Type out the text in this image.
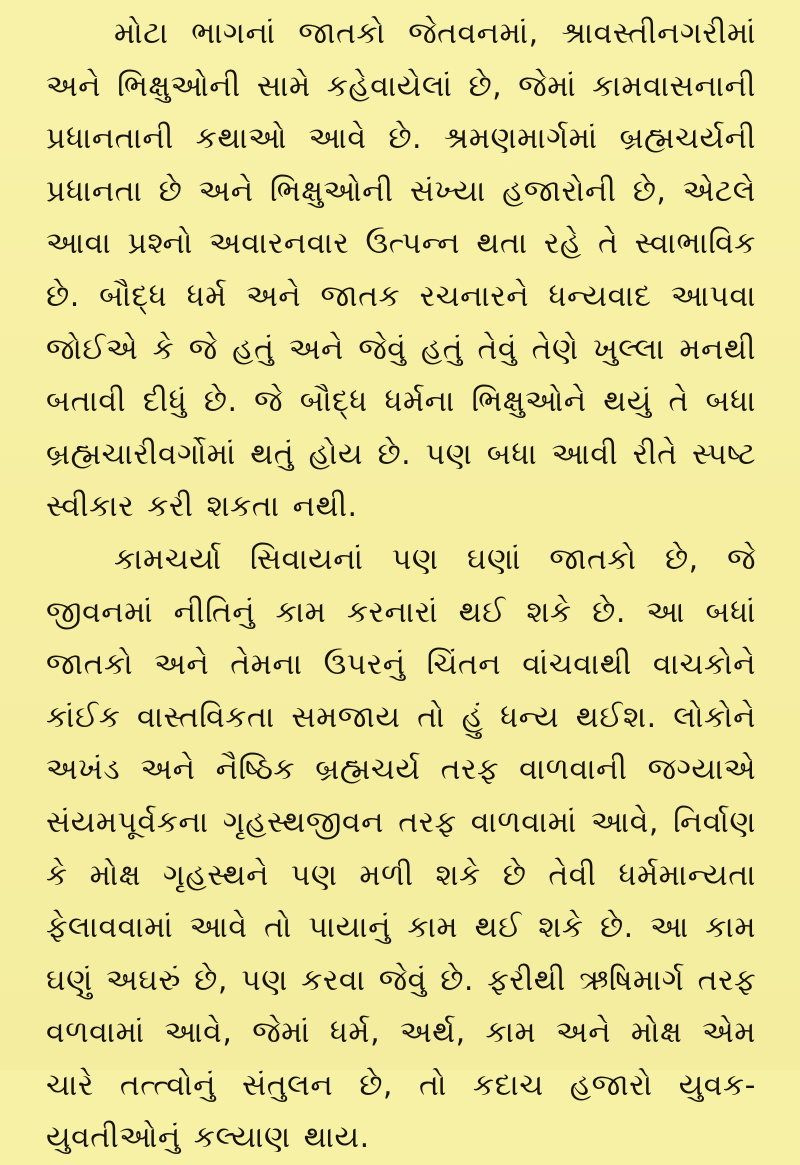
મોટા ભાગનાં જાતકો જેતવનમાં, શ્રાવસ્તીનગરીમાં અને ભિક્ષુઓની સામે કહેવાયેલાં છે, જેમાં કામવાસનાની પ્રધાનતાની કથાઓ આવે છે. શ્રમણમાર્ગમાં બ્રહ્મચર્યની પ્રધાનતા છે અને ભિક્ષુઓની સંખ્યા હજારોની છે, એટલે આવા પ્રશ્નો અવારનવાર ઉત્પન્ન થતા રહે તે સ્વાભાવિક છે. બૌદ્ધ ધર્મ અને જાતક રચનારને ધન્યવાદ આપવા જોઈએ કે જે હતું અને જેવું હતું તેવું તેણે ખુલ્લા મનથી બતાવી દીધું છે. જે બૌદ્ધ ધર્મના ભિક્ષુઓને થયું તે બધા બ્રહ્મચારીવર્ગોમાં થતું હોય છે. પણ બધા આવી રીતે સ્પષ્ટ સ્વીકાર કરી શકતા નથી.

કામચર્યા સિવાયનાં પણ ઘણાં જાતકો છે, જે જીવનમાં નીતિનું કામ કરનારાં થઈ શકે છે. આ બધાં જાતકો અને તેમના ઉપરનું ચિંતન વાંચવાથી વાચકોને કાંઈક વાસ્તવિકતા સમજાય તો હું ધન્ય થઈશ. લોકોને અખંડ અને નૈષ્ઠિક બ્રહ્મચર્ય તરફ વાળવાની જગ્યાએ સંયમપૂર્વકના ગૃહસ્થજીવન તરફ વાળવામાં આવે, નિર્વાણ કે મોક્ષ ગૃહસ્થને પણ મળી શકે છે તેવી ધર્મમાન્યતા ફેલાવવામાં આવે તો પાયાનું કામ થઈ શકે છે. આ કામ ઘણું અઘરું છે, પણ કરવા જેવું છે. ફરીથી ઋષિમાર્ગ તરફ વળવામાં આવે, જેમાં ધર્મ, અર્થ, કામ અને મોક્ષ એમ ચારે તત્ત્વોનું સંતુલન છે, તો કદાચ હજારો યુવક-યુવતીઓનું કલ્યાણ થાય.
